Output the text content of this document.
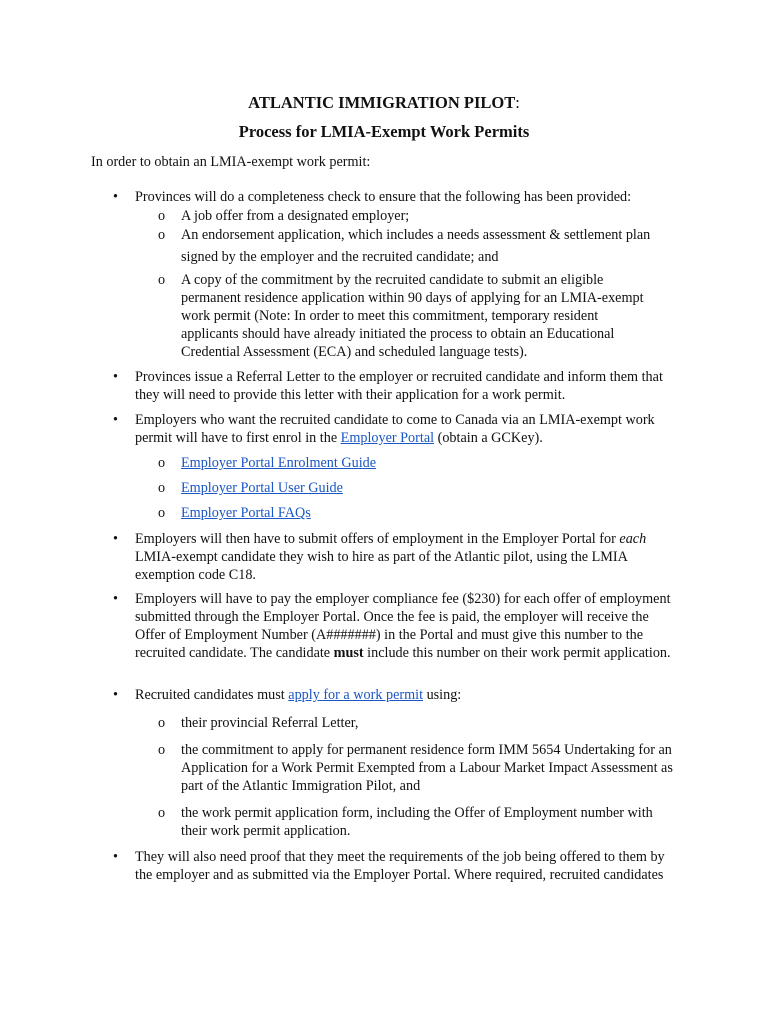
ATLANTIC IMMIGRATION PILOT:
Process for LMIA-Exempt Work Permits
In order to obtain an LMIA-exempt work permit:
• Provinces will do a completeness check to ensure that the following has been provided:
o A job offer from a designated employer;
o An endorsement application, which includes a needs assessment & settlement plan
signed by the employer and the recruited candidate; and
o A copy of the commitment by the recruited candidate to submit an eligible permanent residence application within 90 days of applying for an LMIA-exempt work permit (Note: In order to meet this commitment, temporary resident applicants should have already initiated the process to obtain an Educational Credential Assessment (ECA) and scheduled language tests).
• Provinces issue a Referral Letter to the employer or recruited candidate and inform them that they will need to provide this letter with their application for a work permit.
• Employers who want the recruited candidate to come to Canada via an LMIA-exempt work permit will have to first enrol in the Employer Portal (obtain a GCKey).
o Employer Portal Enrolment Guide
o Employer Portal User Guide
o Employer Portal FAQs
• Employers will then have to submit offers of employment in the Employer Portal for each LMIA-exempt candidate they wish to hire as part of the Atlantic pilot, using the LMIA exemption code C18.
• Employers will have to pay the employer compliance fee ($230) for each offer of employment submitted through the Employer Portal. Once the fee is paid, the employer will receive the Offer of Employment Number (A#######) in the Portal and must give this number to the recruited candidate. The candidate must include this number on their work permit application.
• Recruited candidates must apply for a work permit using:
o their provincial Referral Letter,
o the commitment to apply for permanent residence form IMM 5654 Undertaking for an Application for a Work Permit Exempted from a Labour Market Impact Assessment as part of the Atlantic Immigration Pilot, and
o the work permit application form, including the Offer of Employment number with their work permit application.
• They will also need proof that they meet the requirements of the job being offered to them by the employer and as submitted via the Employer Portal. Where required, recruited candidates
